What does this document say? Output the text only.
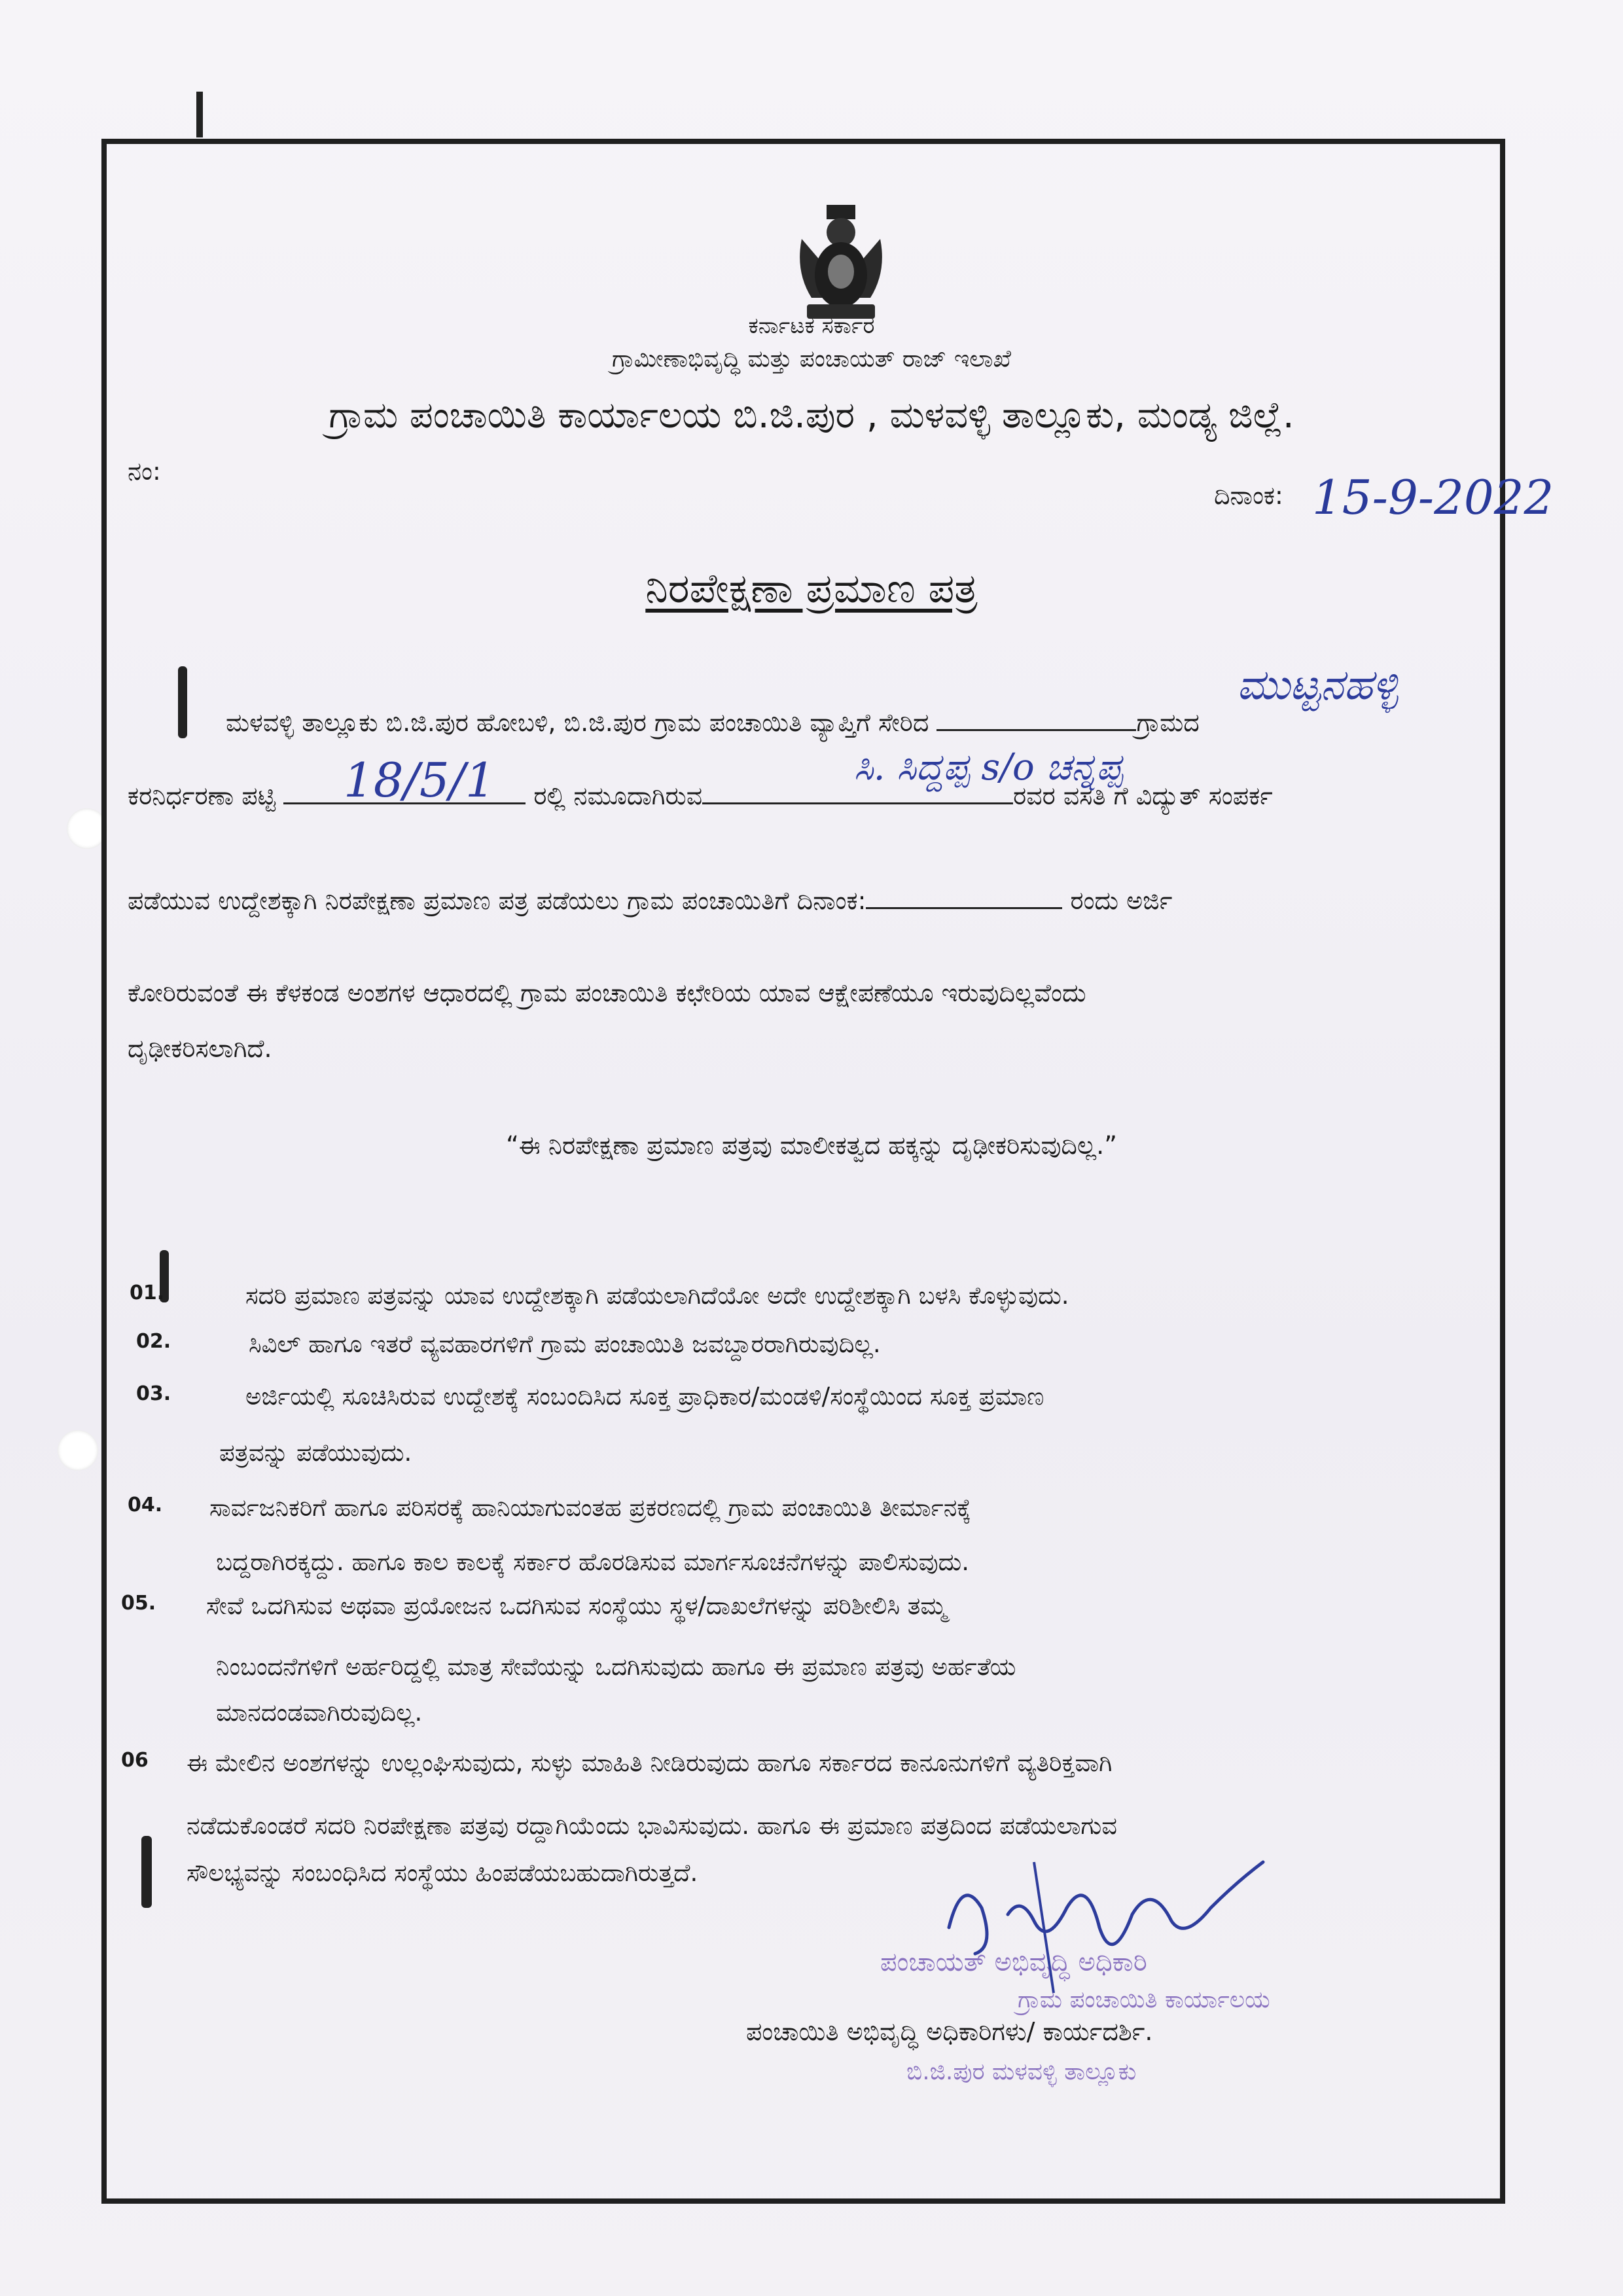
ಕರ್ನಾಟಕ ಸರ್ಕಾರ
ಗ್ರಾಮೀಣಾಭಿವೃದ್ಧಿ ಮತ್ತು ಪಂಚಾಯತ್ ರಾಜ್ ಇಲಾಖೆ
ಗ್ರಾಮ ಪಂಚಾಯಿತಿ ಕಾರ್ಯಾಲಯ ಬಿ.ಜಿ.ಪುರ , ಮಳವಳ್ಳಿ ತಾಲ್ಲೂಕು, ಮಂಡ್ಯ ಜಿಲ್ಲೆ.
ನಂ:
ದಿನಾಂಕ: 15-9-2022
ನಿರಪೇಕ್ಷಣಾ ಪ್ರಮಾಣ ಪತ್ರ
ಮಳವಳ್ಳಿ ತಾಲ್ಲೂಕು ಬಿ.ಜಿ.ಪುರ ಹೋಬಳಿ, ಬಿ.ಜಿ.ಪುರ ಗ್ರಾಮ ಪಂಚಾಯಿತಿ ವ್ಯಾಪ್ತಿಗೆ ಸೇರಿದ	ಗ್ರಾಮದ
ಮುಟ್ಟನಹಳ್ಳಿ
ಕರನಿರ್ಧರಣಾ ಪಟ್ಟಿ	ರಲ್ಲಿ ನಮೂದಾಗಿರುವ	ರವರ ವಸತಿ ಗೆ ವಿದ್ಯುತ್ ಸಂಪರ್ಕ
18/5/1	ಸಿ. ಸಿದ್ದಪ್ಪ s/o ಚನ್ನಪ್ಪ
ಪಡೆಯುವ ಉದ್ದೇಶಕ್ಕಾಗಿ ನಿರಪೇಕ್ಷಣಾ ಪ್ರಮಾಣ ಪತ್ರ ಪಡೆಯಲು ಗ್ರಾಮ ಪಂಚಾಯಿತಿಗೆ ದಿನಾಂಕ:	ರಂದು ಅರ್ಜಿ
ಕೋರಿರುವಂತೆ ಈ ಕೆಳಕಂಡ ಅಂಶಗಳ ಆಧಾರದಲ್ಲಿ ಗ್ರಾಮ ಪಂಚಾಯಿತಿ ಕಛೇರಿಯ ಯಾವ ಆಕ್ಷೇಪಣೆಯೂ ಇರುವುದಿಲ್ಲವೆಂದು
ದೃಢೀಕರಿಸಲಾಗಿದೆ.
“ಈ ನಿರಪೇಕ್ಷಣಾ ಪ್ರಮಾಣ ಪತ್ರವು ಮಾಲೀಕತ್ವದ ಹಕ್ಕನ್ನು ದೃಢೀಕರಿಸುವುದಿಲ್ಲ.”
01.	ಸದರಿ ಪ್ರಮಾಣ ಪತ್ರವನ್ನು ಯಾವ ಉದ್ದೇಶಕ್ಕಾಗಿ ಪಡೆಯಲಾಗಿದೆಯೋ ಅದೇ ಉದ್ದೇಶಕ್ಕಾಗಿ ಬಳಸಿ ಕೊಳ್ಳುವುದು.
02.	ಸಿವಿಲ್ ಹಾಗೂ ಇತರೆ ವ್ಯವಹಾರಗಳಿಗೆ ಗ್ರಾಮ ಪಂಚಾಯಿತಿ ಜವಬ್ದಾರರಾಗಿರುವುದಿಲ್ಲ.
03.	ಅರ್ಜಿಯಲ್ಲಿ ಸೂಚಿಸಿರುವ ಉದ್ದೇಶಕ್ಕೆ ಸಂಬಂದಿಸಿದ ಸೂಕ್ತ ಪ್ರಾಧಿಕಾರ/ಮಂಡಳಿ/ಸಂಸ್ಥೆಯಿಂದ ಸೂಕ್ತ ಪ್ರಮಾಣ
ಪತ್ರವನ್ನು ಪಡೆಯುವುದು.
04. ಸಾರ್ವಜನಿಕರಿಗೆ ಹಾಗೂ ಪರಿಸರಕ್ಕೆ ಹಾನಿಯಾಗುವಂತಹ ಪ್ರಕರಣದಲ್ಲಿ ಗ್ರಾಮ ಪಂಚಾಯಿತಿ ತೀರ್ಮಾನಕ್ಕೆ
ಬದ್ದರಾಗಿರಕ್ಕದ್ದು. ಹಾಗೂ ಕಾಲ ಕಾಲಕ್ಕೆ ಸರ್ಕಾರ ಹೊರಡಿಸುವ ಮಾರ್ಗಸೂಚನೆಗಳನ್ನು ಪಾಲಿಸುವುದು.
05. ಸೇವೆ ಒದಗಿಸುವ ಅಥವಾ ಪ್ರಯೋಜನ ಒದಗಿಸುವ ಸಂಸ್ಥೆಯು ಸ್ಥಳ/ದಾಖಲೆಗಳನ್ನು ಪರಿಶೀಲಿಸಿ ತಮ್ಮ
ನಿಂಬಂದನೆಗಳಿಗೆ ಅರ್ಹರಿದ್ದಲ್ಲಿ ಮಾತ್ರ ಸೇವೆಯನ್ನು ಒದಗಿಸುವುದು ಹಾಗೂ ಈ ಪ್ರಮಾಣ ಪತ್ರವು ಅರ್ಹತೆಯ
ಮಾನದಂಡವಾಗಿರುವುದಿಲ್ಲ.
06 ಈ ಮೇಲಿನ ಅಂಶಗಳನ್ನು ಉಲ್ಲಂಘಿಸುವುದು, ಸುಳ್ಳು ಮಾಹಿತಿ ನೀಡಿರುವುದು ಹಾಗೂ ಸರ್ಕಾರದ ಕಾನೂನುಗಳಿಗೆ ವ್ಯತಿರಿಕ್ತವಾಗಿ
ನಡೆದುಕೊಂಡರೆ ಸದರಿ ನಿರಪೇಕ್ಷಣಾ ಪತ್ರವು ರದ್ದಾಗಿಯೆಂದು ಭಾವಿಸುವುದು. ಹಾಗೂ ಈ ಪ್ರಮಾಣ ಪತ್ರದಿಂದ ಪಡೆಯಲಾಗುವ
ಸೌಲಭ್ಯವನ್ನು ಸಂಬಂಧಿಸಿದ ಸಂಸ್ಥೆಯು ಹಿಂಪಡೆಯಬಹುದಾಗಿರುತ್ತದೆ.
ಪಂಚಾಯತ್ ಅಭಿವೃದ್ಧಿ ಅಧಿಕಾರಿ
ಗ್ರಾಮ ಪಂಚಾಯಿತಿ ಕಾರ್ಯಾಲಯ
ಬಿ.ಜಿ.ಪುರ ಮಳವಳ್ಳಿ ತಾಲ್ಲೂಕು
ಪಂಚಾಯಿತಿ ಅಭಿವೃದ್ಧಿ ಅಧಿಕಾರಿಗಳು/ ಕಾರ್ಯದರ್ಶಿ.
